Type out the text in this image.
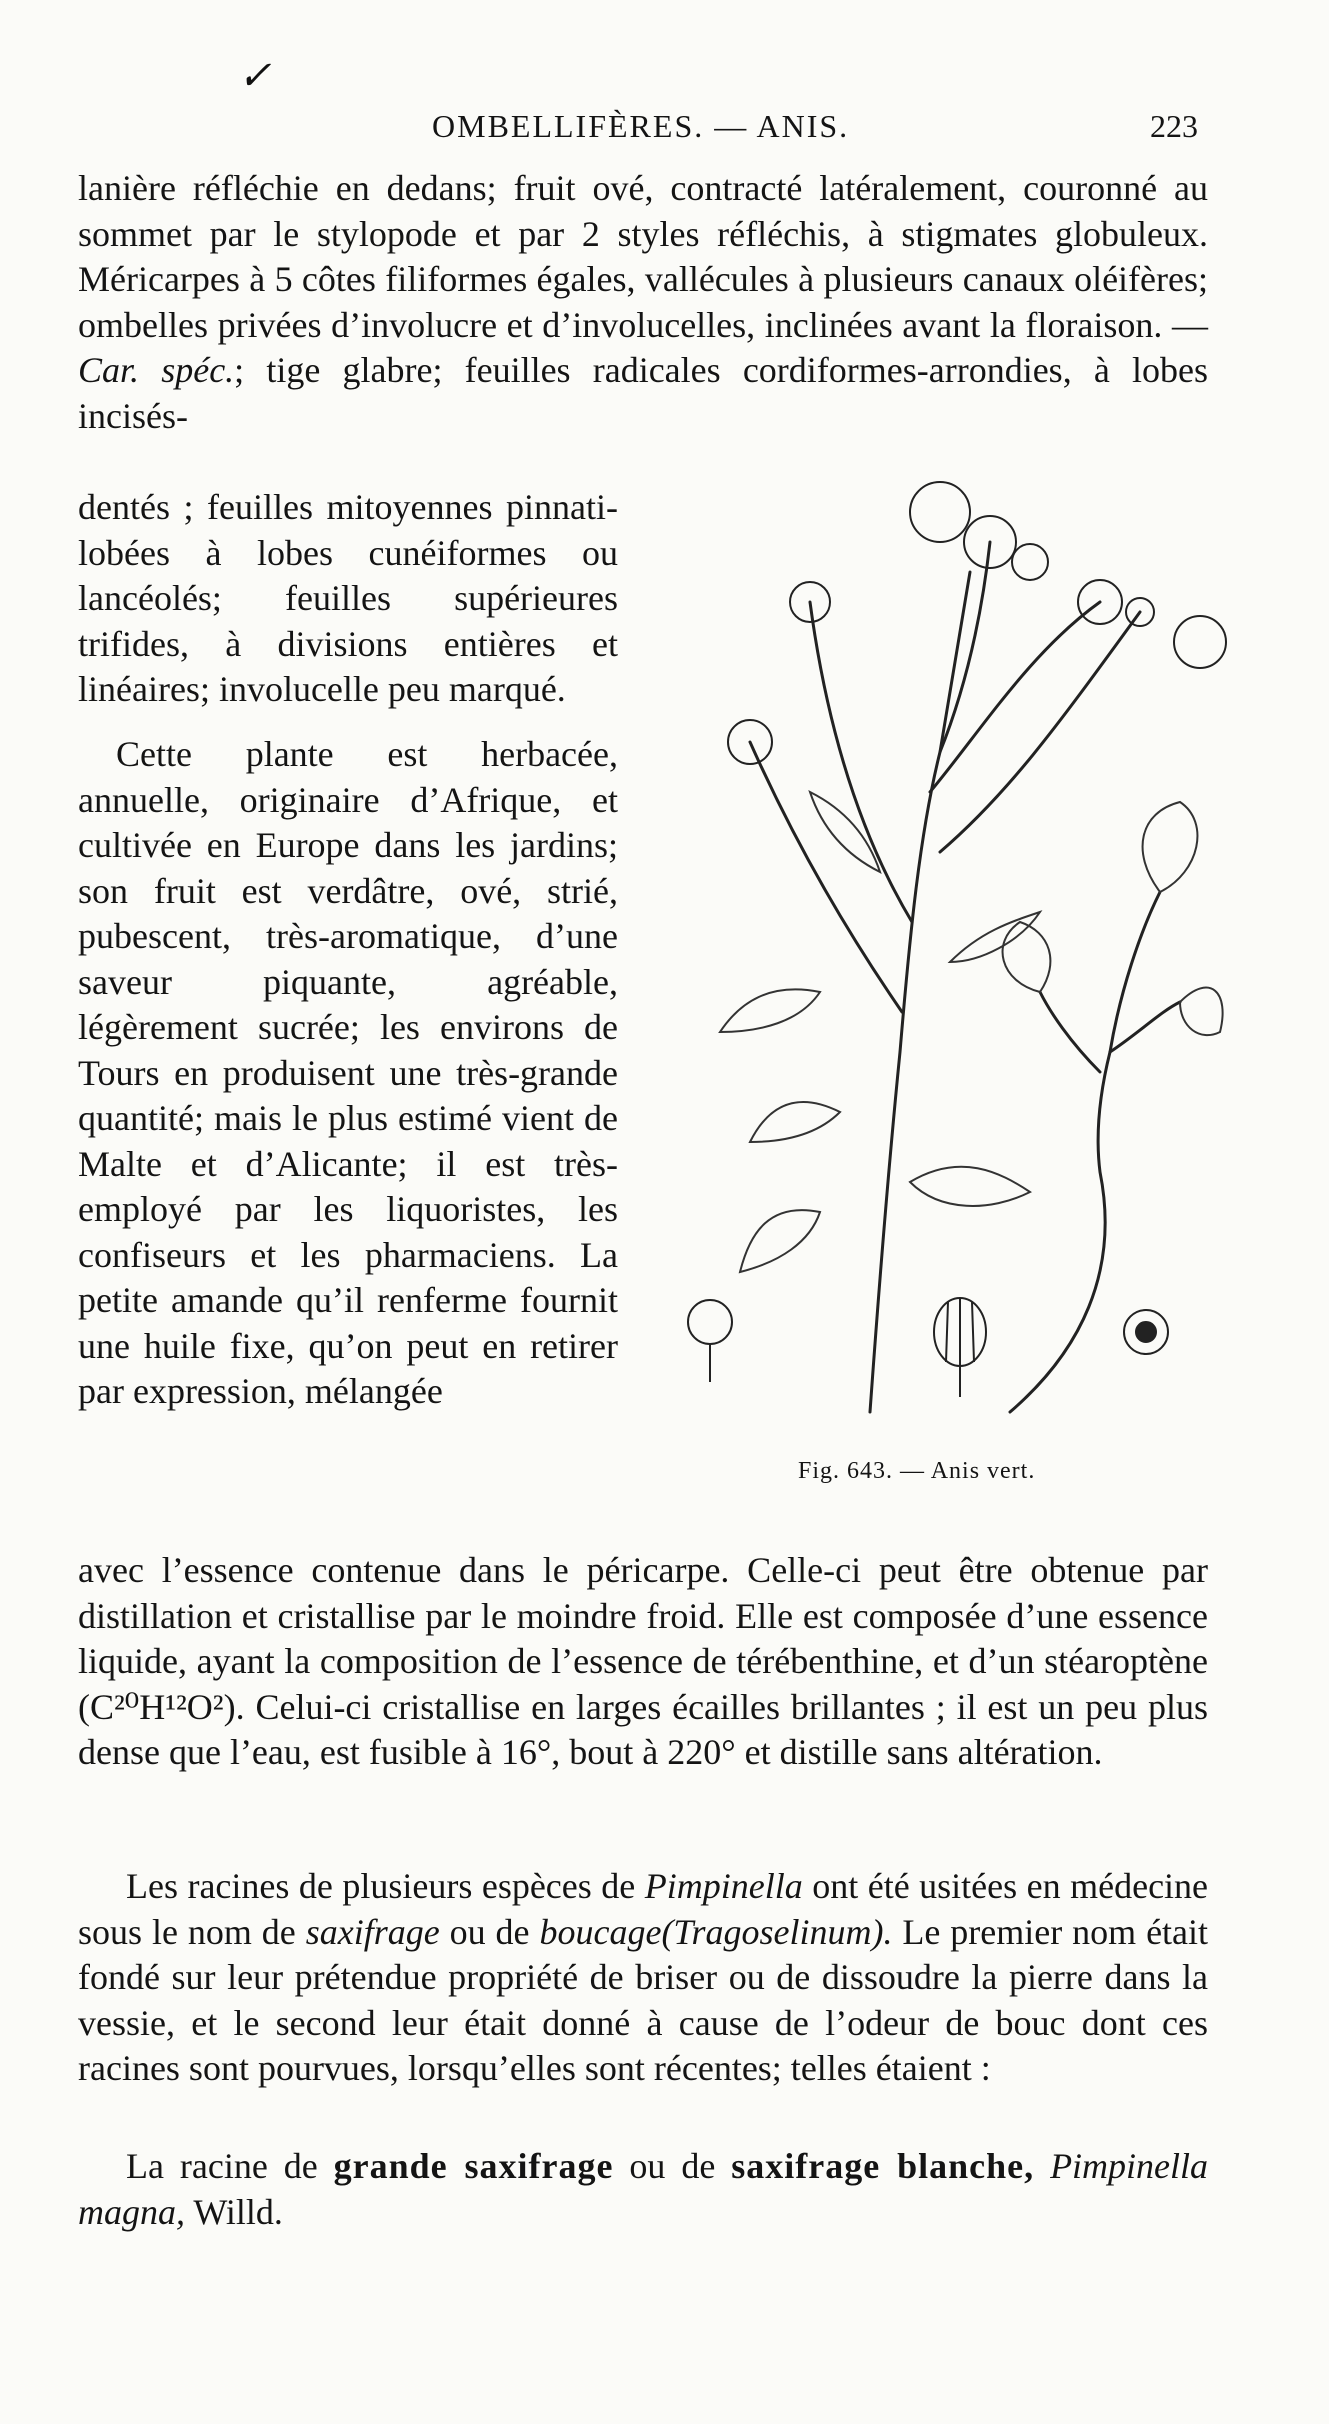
✓
OMBELLIFÈRES. — ANIS.	223

lanière réfléchie en dedans; fruit ové, contracté latéralement, couronné au sommet par le stylopode et par 2 styles réfléchis, à stigmates globuleux. Méricarpes à 5 côtes filiformes égales, vallécules à plusieurs canaux oléifères; ombelles privées d’involucre et d’involucelles, inclinées avant la floraison. — Car. spéc.; tige glabre; feuilles radicales cordiformes-arrondies, à lobes incisés-

dentés ; feuilles mitoyennes pinnati-lobées à lobes cunéiformes ou lancéolés; feuilles supérieures trifides, à divisions entières et linéaires; involucelle peu marqué.

Cette plante est herbacée, annuelle, originaire d’Afrique, et cultivée en Europe dans les jardins; son fruit est verdâtre, ové, strié, pubescent, très-aromatique, d’une saveur piquante, agréable, légèrement sucrée; les environs de Tours en produisent une très-grande quantité; mais le plus estimé vient de Malte et d’Alicante; il est très-employé par les liquoristes, les confiseurs et les pharmaciens. La petite amande qu’il renferme fournit une huile fixe, qu’on peut en retirer par expression, mélangée

avec l’essence contenue dans le péricarpe. Celle-ci peut être obtenue par distillation et cristallise par le moindre froid. Elle est composée d’une essence liquide, ayant la composition de l’essence de térébenthine, et d’un stéaroptène (C²⁰H¹²O²). Celui-ci cristallise en larges écailles brillantes ; il est un peu plus dense que l’eau, est fusible à 16°, bout à 220° et distille sans altération.

Les racines de plusieurs espèces de Pimpinella ont été usitées en médecine sous le nom de saxifrage ou de boucage(Tragoselinum). Le premier nom était fondé sur leur prétendue propriété de briser ou de dissoudre la pierre dans la vessie, et le second leur était donné à cause de l’odeur de bouc dont ces racines sont pourvues, lorsqu’elles sont récentes; telles étaient :

La racine de grande saxifrage ou de saxifrage blanche, Pimpinella magna, Willd.

Fig. 643. — Anis vert.
